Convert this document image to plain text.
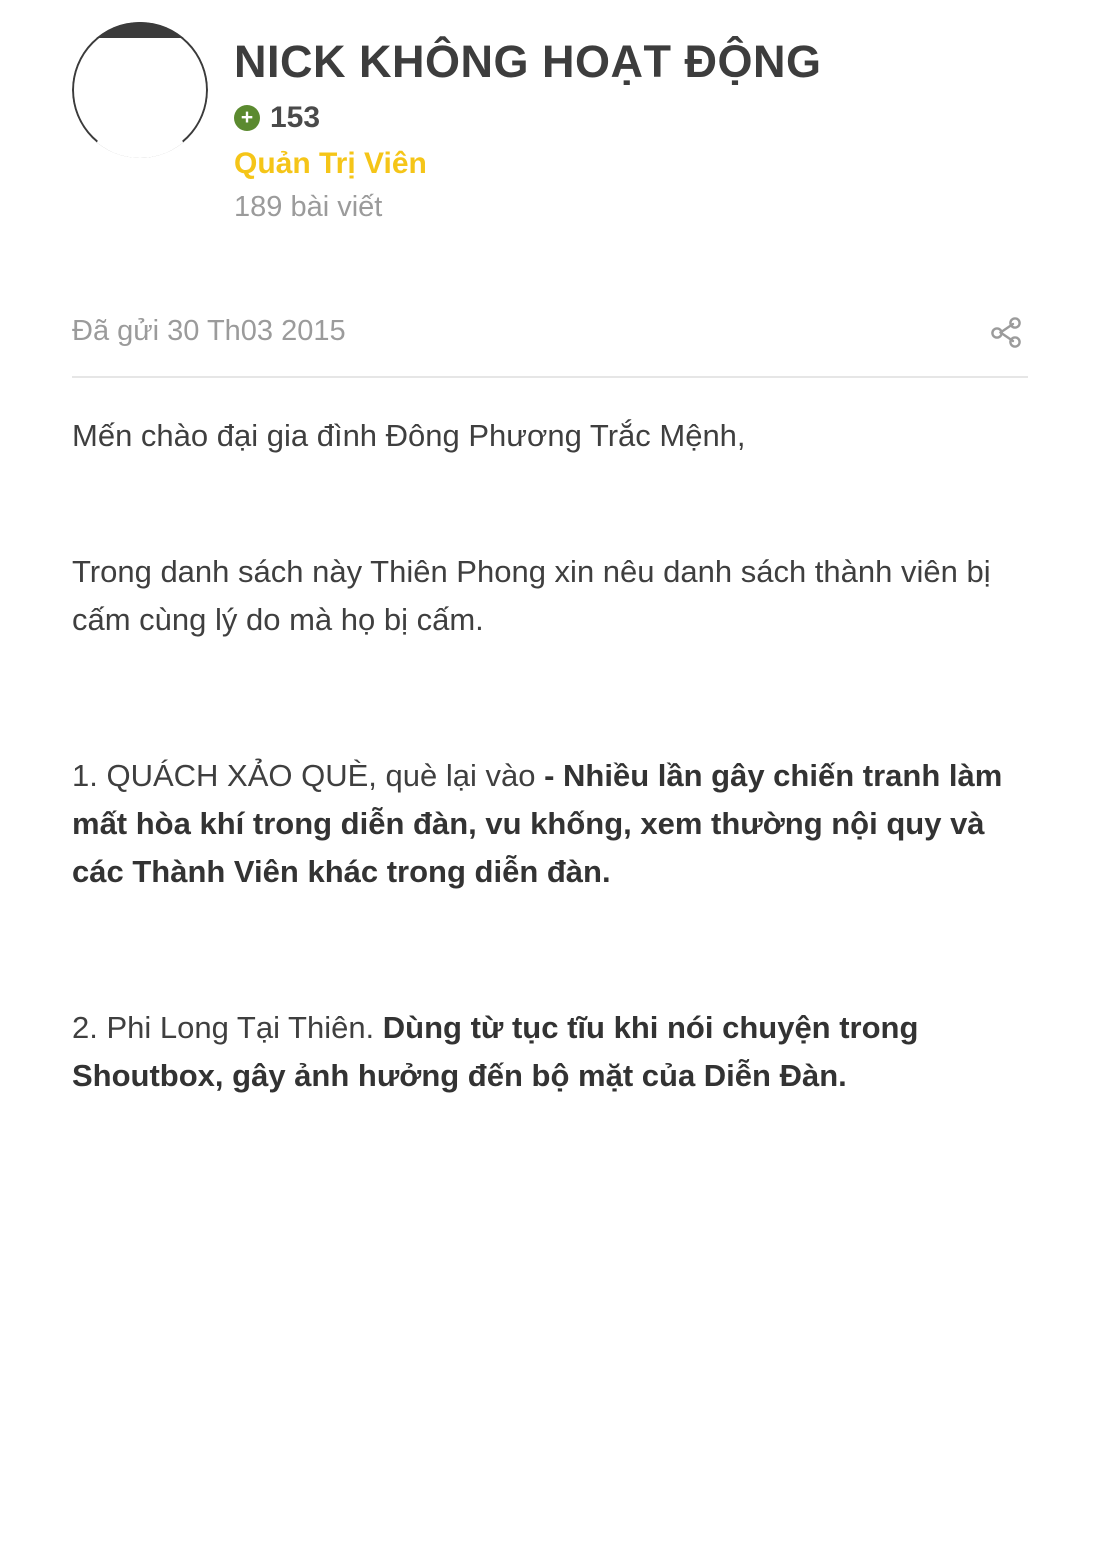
NICK KHÔNG HOẠT ĐỘNG
+ 153
Quản Trị Viên
189 bài viết
Đã gửi 30 Th03 2015

Mến chào đại gia đình Đông Phương Trắc Mệnh,

Trong danh sách này Thiên Phong xin nêu danh sách thành viên bị cấm cùng lý do mà họ bị cấm.

1. QUÁCH XẢO QUÈ, què lại vào - Nhiều lần gây chiến tranh làm mất hòa khí trong diễn đàn, vu khống, xem thường nội quy và các Thành Viên khác trong diễn đàn.

2. Phi Long Tại Thiên. Dùng từ tục tĩu khi nói chuyện trong Shoutbox, gây ảnh hưởng đến bộ mặt của Diễn Đàn.
